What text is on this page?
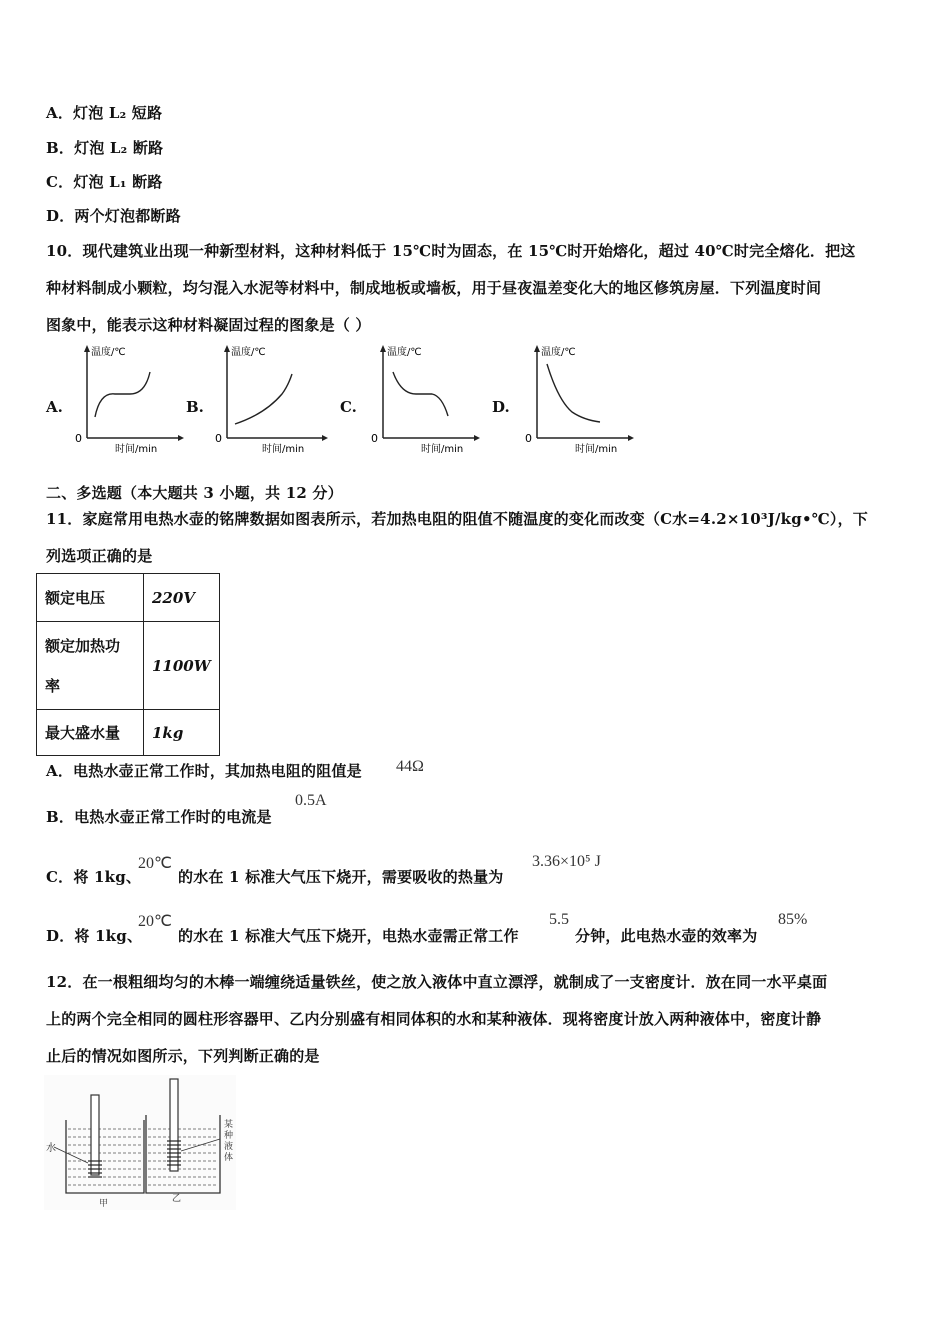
A．灯泡 L₂ 短路
B．灯泡 L₂ 断路
C．灯泡 L₁ 断路
D．两个灯泡都断路
10．现代建筑业出现一种新型材料，这种材料低于 15℃时为固态，在 15℃时开始熔化，超过 40℃时完全熔化．把这
种材料制成小颗粒，均匀混入水泥等材料中，制成地板或墙板，用于昼夜温差变化大的地区修筑房屋．下列温度时间
图象中，能表示这种材料凝固过程的图象是（ ）
A.	B.	C.	D.
温度/℃
时间/min
0
温度/℃
时间/min
0
温度/℃
时间/min
0
温度/℃
时间/min
0
二、多选题（本大题共 3 小题，共 12 分）
11．家庭常用电热水壶的铭牌数据如图表所示，若加热电阻的阻值不随温度的变化而改变（C水=4.2×10³J/kg•℃），下
列选项正确的是
额定电压	220V

额定加热功
率	1100W
最大盛水量	1kg
A．电热水壶正常工作时，其加热电阻的阻值是 44Ω
B．电热水壶正常工作时的电流是
0.5A
C．将 1kg、
20℃
的水在 1 标准大气压下烧开，需要吸收的热量为
3.36×10⁵ J
D．将 1kg、
20℃
的水在 1 标准大气压下烧开，电热水壶需正常工作
5.5
分钟，此电热水壶的效率为
85%
12．在一根粗细均匀的木棒一端缠绕适量铁丝，使之放入液体中直立漂浮，就制成了一支密度计．放在同一水平桌面
上的两个完全相同的圆柱形容器甲、乙内分别盛有相同体积的水和某种液体．现将密度计放入两种液体中，密度计静
止后的情况如图所示，下列判断正确的是
水
甲	乙
某种液体
